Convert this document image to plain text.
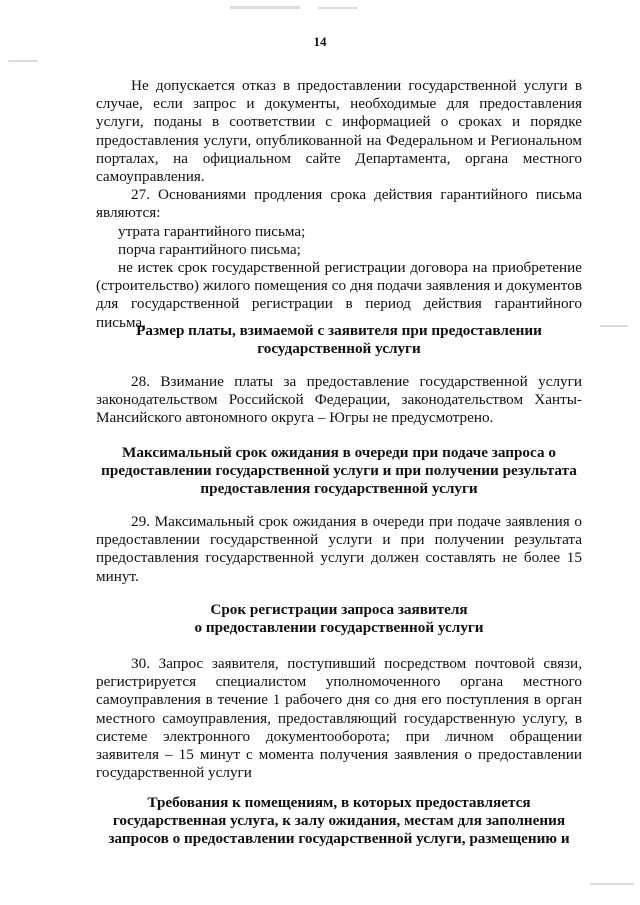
14

Не допускается отказ в предоставлении государственной услуги в случае, если запрос и документы, необходимые для предоставления услуги, поданы в соответствии с информацией о сроках и порядке предоставления услуги, опубликованной на Федеральном и Региональном порталах, на официальном сайте Департамента, органа местного самоуправления.

27. Основаниями продления срока действия гарантийного письма являются:

утрата гарантийного письма;

порча гарантийного письма;

не истек срок государственной регистрации договора на приобретение (строительство) жилого помещения со дня подачи заявления и документов для государственной регистрации в период действия гарантийного письма.

Размер платы, взимаемой с заявителя при предоставлении
государственной услуги

28. Взимание платы за предоставление государственной услуги законодательством Российской Федерации, законодательством Ханты-Мансийского автономного округа – Югры не предусмотрено.

Максимальный срок ожидания в очереди при подаче запроса о
предоставлении государственной услуги и при получении результата
предоставления государственной услуги

29. Максимальный срок ожидания в очереди при подаче заявления о предоставлении государственной услуги и при получении результата предоставления государственной услуги должен составлять не более 15 минут.

Срок регистрации запроса заявителя
о предоставлении государственной услуги

30. Запрос заявителя, поступивший посредством почтовой связи, регистрируется специалистом уполномоченного органа местного самоуправления в течение 1 рабочего дня со дня его поступления в орган местного самоуправления, предоставляющий государственную услугу, в системе электронного документооборота; при личном обращении заявителя – 15 минут с момента получения заявления о предоставлении государственной услуги

Требования к помещениям, в которых предоставляется
государственная услуга, к залу ожидания, местам для заполнения
запросов о предоставлении государственной услуги, размещению и
